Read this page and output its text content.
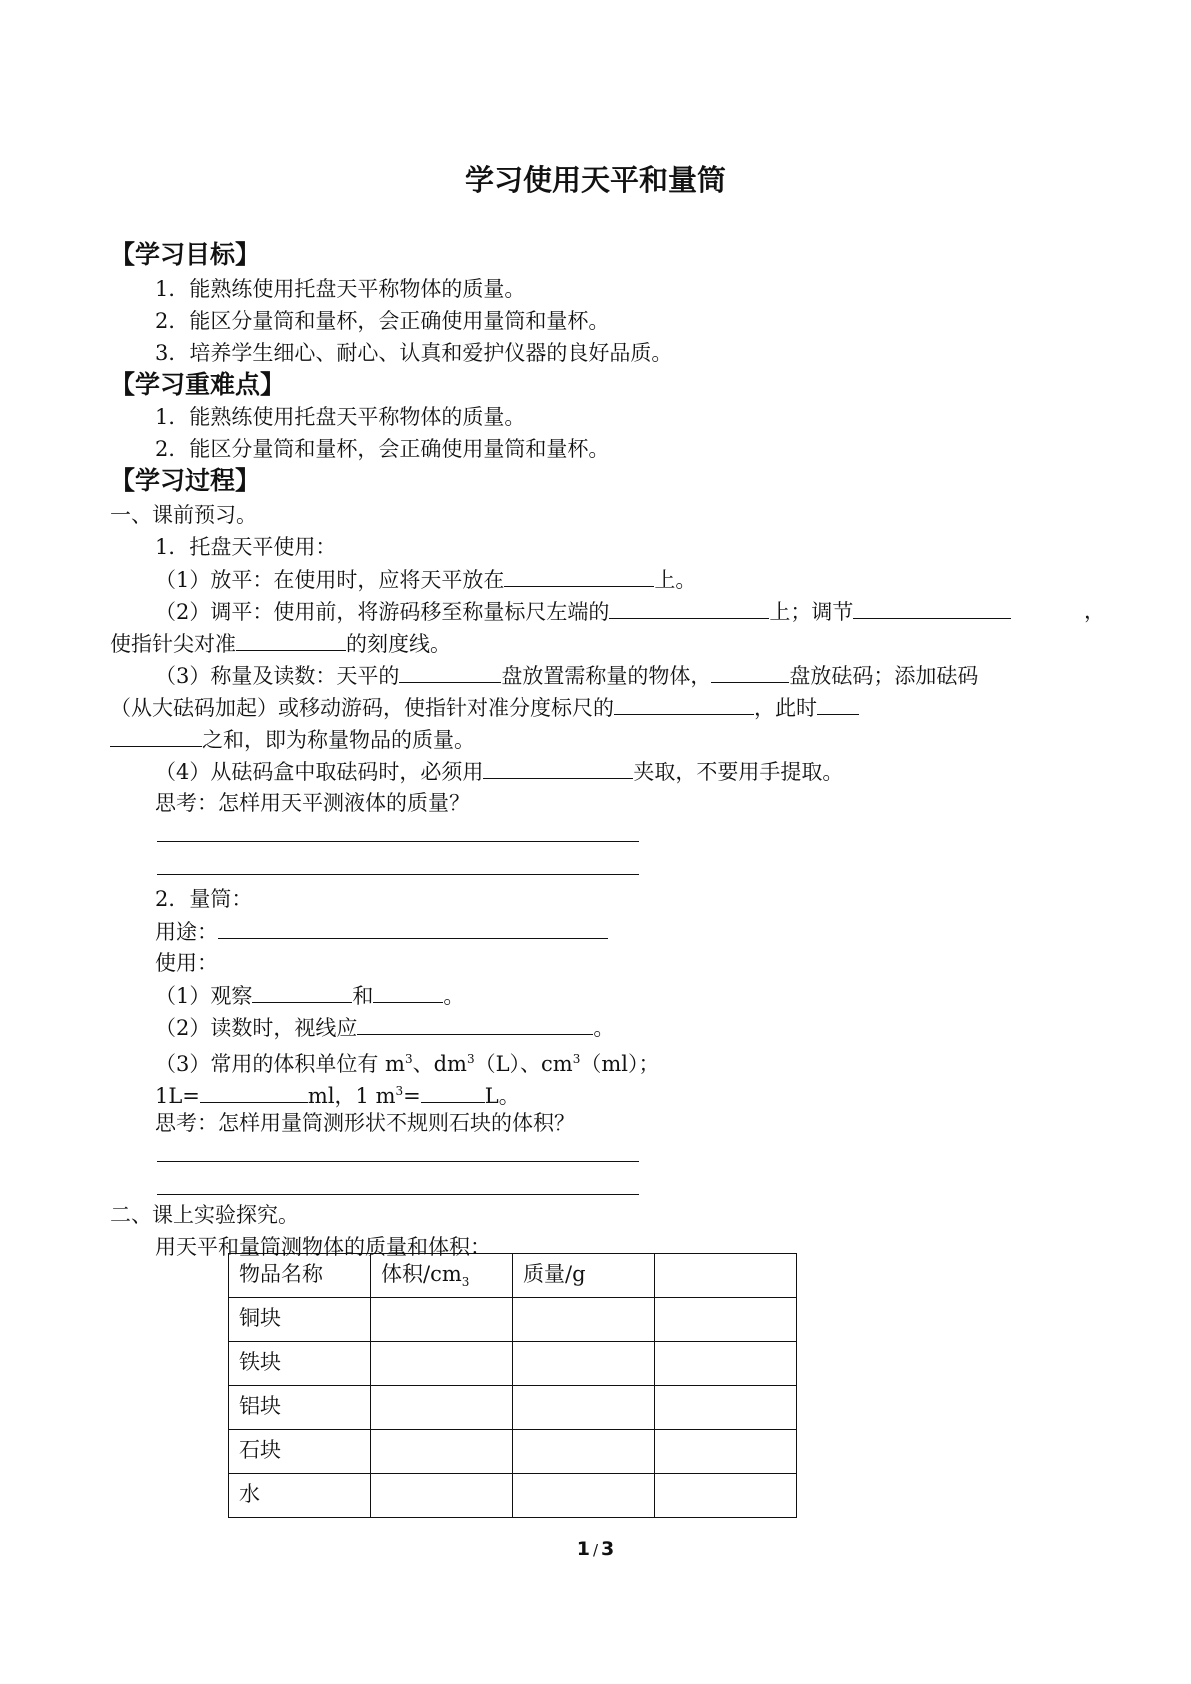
学习使用天平和量筒
【学习目标】
1．能熟练使用托盘天平称物体的质量。
2．能区分量筒和量杯，会正确使用量筒和量杯。
3．培养学生细心、耐心、认真和爱护仪器的良好品质。
【学习重难点】
1．能熟练使用托盘天平称物体的质量。
2．能区分量筒和量杯，会正确使用量筒和量杯。
【学习过程】
一、课前预习。
1．托盘天平使用：
（1）放平：在使用时，应将天平放在	上。
（2）调平：使用前，将游码移至称量标尺左端的	上；调节	，
使指针尖对准	的刻度线。
（3）称量及读数：天平的	盘放置需称量的物体，	盘放砝码；添加砝码
（从大砝码加起）或移动游码，使指针对准分度标尺的	，此时
之和，即为称量物品的质量。
（4）从砝码盒中取砝码时，必须用	夹取，不要用手提取。
思考：怎样用天平测液体的质量？
2．量筒：
用途：
使用：
（1）观察	和	。
（2）读数时，视线应	。
（3）常用的体积单位有 $m^3$、$dm^3(L)$、$cm^3(ml)$；
1L=	ml，1 $m^3=$	L。
思考：怎样用量筒测形状不规则石块的体积？
二、课上实验探究。
用天平和量筒测物体的质量和体积：
物品名称	体积$/cm_3$	质量/g	
铜块			
铁块			
铝块			
石块			
水			
1 / 3
